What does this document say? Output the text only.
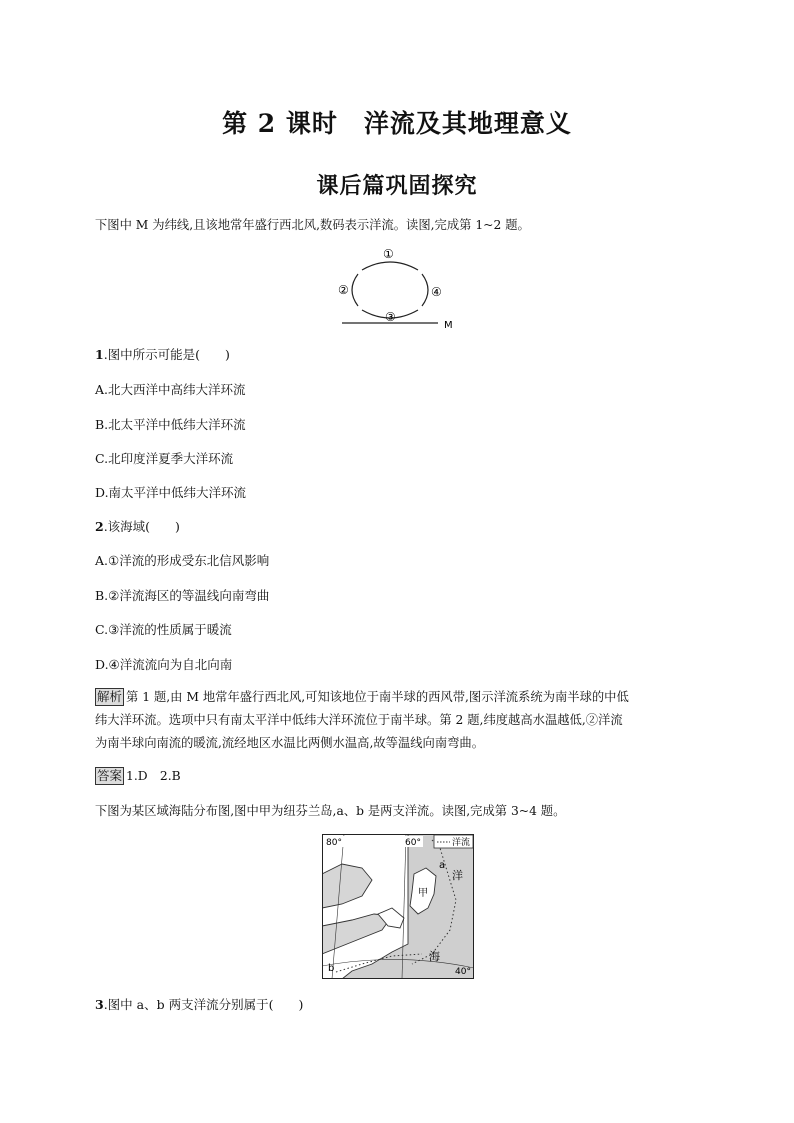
第 2 课时　洋流及其地理意义
课后篇巩固探究
下图中 M 为纬线,且该地常年盛行西北风,数码表示洋流。读图,完成第 1~2 题。
①
②
③
④
M
1.图中所示可能是(　　)
A.北大西洋中高纬大洋环流
B.北太平洋中低纬大洋环流
C.北印度洋夏季大洋环流
D.南太平洋中低纬大洋环流
2.该海域(　　)
A.①洋流的形成受东北信风影响
B.②洋流海区的等温线向南弯曲
C.③洋流的性质属于暖流
D.④洋流流向为自北向南
解析 第 1 题,由 M 地常年盛行西北风,可知该地位于南半球的西风带,图示洋流系统为南半球的中低
纬大洋环流。选项中只有南太平洋中低纬大洋环流位于南半球。第 2 题,纬度越高水温越低,②洋流
为南半球向南流的暖流,流经地区水温比两侧水温高,故等温线向南弯曲。
答案 1.D　2.B
下图为某区域海陆分布图,图中甲为纽芬兰岛,a、b 是两支洋流。读图,完成第 3~4 题。
80°	60°	洋流
a
b
甲
洋
海
40°
3.图中 a、b 两支洋流分别属于(　　)
